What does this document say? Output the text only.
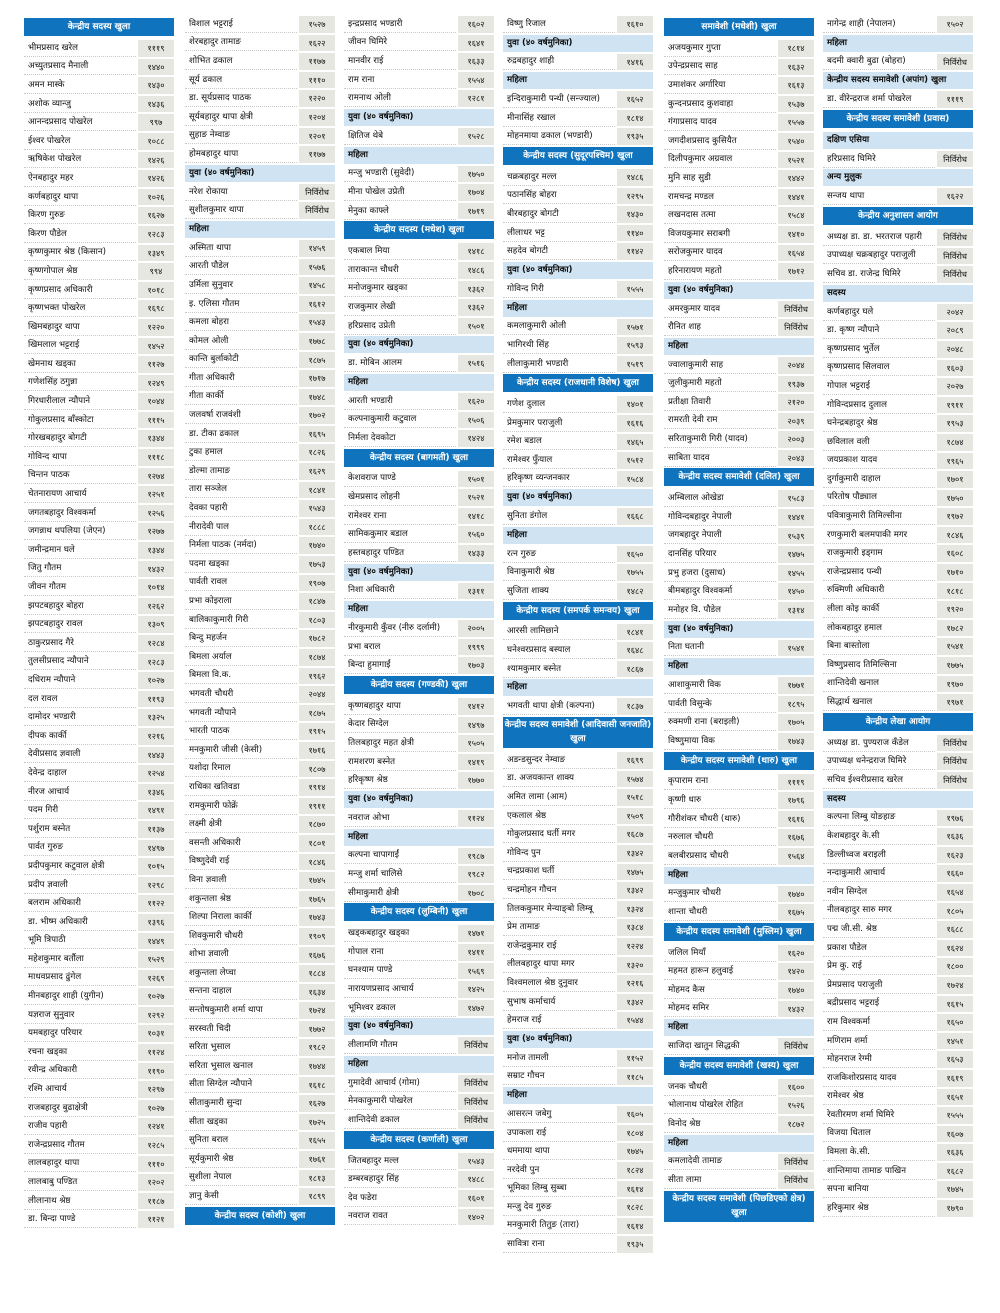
केन्द्रीय सदस्य खुला
भीमप्रसाद खरेल	१११९
अच्युतप्रसाद मैनाली	१४४०
अमन मास्के	१४३०
अशोक व्यान्जु	१४३६
आनन्दप्रसाद पोखरेल	९९७
ईश्वर पोखरेल	१०८८
ऋषिकेश पोखरेल	१४२६
ऐनबहादुर महर	१४२६
कर्णबहादुर थापा	१०२६
किरण गुरुङ	१६२७
किरण पौडेल	१२८३
कृष्णकुमार श्रेष्ठ (किसान)	१३४९
कृष्णगोपाल श्रेष्ठ	९९४
कृष्णप्रसाद अधिकारी	१०१८
कृष्णभक्त पोखरेल	१६९८
खिमबहादुर थापा	१२२०
खिमलाल भट्टराई	१४५२
खेमनाथ खड्का	११२७
गणेशसिंह ठगुन्ना	१२४९
गिरधारीलाल न्यौपाने	१०४४
गोकुलप्रसाद बाँस्कोटा	१११५
गोरखबहादुर बोगटी	१३४४
गोविन्द थापा	१११८
चिन्तन पाठक	१२७४
चेतनारायण आचार्य	१२५१
जगतबहादुर विश्वकर्मा	१२५६
जगन्नाथ थपलिया (जेएन)	१२७७
जमीन्द्रमान घले	१३४४
जितु गौतम	१४३२
जीवन गौतम	१०१४
झपटबहादुर बोहरा	१२६२
झपटबहादुर रावल	१३०९
ठाकुरप्रसाद गैरे	१२८४
तुलसीप्रसाद न्यौपाने	१२८३
दधिराम न्यौपाने	१०२७
दल रावल	११९३
दामोदर भण्डारी	१३२५
दीपक कार्की	१२१६
देवीप्रसाद ज्ञवाली	१४४३
देवेन्द्र दाहाल	१२५४
नीरज आचार्य	१३४६
पदम गिरी	१४९१
पर्शुराम बस्नेत	११३७
पार्वत गुरुङ	१४९७
प्रदीपकुमार कटुवाल क्षेत्री	१०१५
प्रदीप ज्ञवाली	१२९८
बलराम अधिकारी	११२२
डा. भीष्म अधिकारी	१३९६
भूमि त्रिपाठी	१४४९
महेशकुमार बर्तौला	१५२९
माधवप्रसाद ढुंगेल	१२६९
मीनबहादुर शाही (युगीन)	१०२७
यज्ञराज सुनुवार	१२९२
यमबहादुर परियार	१०३१
रचना खड्का	११२४
रवीन्द्र अधिकारी	११९०
रश्मि आचार्य	१२९७
राजबहादुर बुढाक्षेत्री	१०२७
राजीव पहारी	१२४१
राजेन्द्रप्रसाद गौतम	१२८५
लालबहादुर थापा	१११०
लालबाबु पण्डित	१२०२
लीलानाथ श्रेष्ठ	११८७
डा. बिन्दा पाण्डे	११२१
विशाल भट्टराई	१५२७
शेरबहादुर तामाङ	१६२२
शोभित ढकाल	११७७
सूर्य ढकाल	१११०
डा. सूर्यप्रसाद पाठक	१२२०
सूर्यबहादुर थापा क्षेत्री	१२०४
सुहाङ नेम्वाङ	१२०१
होमबहादुर थापा	११७७
युवा (४० वर्षमुनिका)
नरेश रोकाया	निर्विरोध
सुशीलकुमार थापा	निर्विरोध
महिला
अस्मिता थापा	१४५९
आरती पौडेल	१५७६
उर्मिला सुनुवार	१४५८
इ. एलिसा गौतम	१६१२
कमला बोहरा	१५४३
कोमल ओली	१७७८
कान्ति बुर्लाकोटी	१८७५
गीता अधिकारी	१७१७
गीता कार्की	१७४८
जलवर्षा राजवंशी	१७०२
डा. टीका ढकाल	१६९५
टुका हमाल	१८२६
डोल्मा तामाङ	१६२९
तारा सञ्जेल	१८४१
देवका पहारी	१५४३
नीरादेवी पाल	१८८८
निर्मला पाठक (नर्मदा)	१७४०
पदमा खड्का	१७५३
पार्वती रावल	१९०७
प्रभा कोइराला	१८४७
बालिकाकुमारी गिरी	१८०३
बिन्दु महर्जन	१७८२
बिमला अर्याल	१८७४
बिमला वि.क.	१९६२
भगवती चौधरी	२०४४
भगवती न्यौपाने	१८७५
भारती पाठक	१९१५
मनकुमारी जीसी (केसी)	१७१६
यशोदा रिमाल	१८०७
राधिका खतिवडा	१९१४
रामकुमारी फोक्रें	१९११
लक्ष्मी क्षेत्री	१८७०
वसन्ती अधिकारी	१८०१
विष्णुदेवी राई	१८४६
विना ज्ञवाली	१७४५
शकुन्तला श्रेष्ठ	१७६५
शिल्पा निराला कार्की	१७४३
शिवकुमारी चौधरी	१९०९
शोभा ज्ञवाली	१६७६
शकुन्तला लेप्चा	१८८४
सन्तना दाहाल	१६३४
सन्तोषकुमारी शर्मा थापा	१७२४
सरस्वती चिदी	१७७२
सरिता भुसाल	१९८२
सरिता भुसाल खनाल	१७४४
सीता सिग्देल न्यौपाने	१६१८
सीताकुमारी सुन्दा	१६२७
सीता खड्का	१७२५
सुनिता बराल	१६५५
सूर्यकुमारी श्रेष्ठ	१७६१
सुशीला नेपाल	१८१३
ज्ञानु केसी	१८९९
केन्द्रीय सदस्य (कोशी) खुला
इन्द्रप्रसाद भण्डारी	१६०२
जीवन घिमिरे	१६४१
मानवीर राई	१६३३
राम राना	१५५४
रामनाथ ओली	१२८१
युवा (४० वर्षमुनिका)
क्षितिज थेबे	१५२८
महिला
मन्जु भण्डारी (सुवेदी)	१७५०
मीना पोखेल उप्रेती	१७०४
मेनुका काफ्ले	१७१९
केन्द्रीय सदस्य (मधेश) खुला
एकबाल मिया	१४१८
ताराकान्त चौधरी	१४८६
मनोजकुमार खड्का	१३६२
राजकुमार लेखी	१३६२
हरिप्रसाद उप्रेती	१५०१
युवा (४० वर्षमुनिका)
डा. मोबिन आलम	१५१६
महिला
आरती भण्डारी	१६२०
कल्पनाकुमारी कटुवाल	१५०६
निर्मला देवकोटा	१४२४
केन्द्रीय सदस्य (बागमती) खुला
केशवराज पाण्डे	१५०१
खेमप्रसाद लोहनी	१५२१
रामेश्वर राना	१४१८
सामिककुमार बडाल	१५६०
हस्तबहादुर पण्डित	१४३३
युवा (४० वर्षमुनिका)
निशा अधिकारी	१३११
महिला
नीरकुमारी कुँवर (नीरु दर्लामी)	२००५
प्रभा बराल	१९९९
बिन्दा हुमागाईं	१७०३
केन्द्रीय सदस्य (गण्डकी) खुला
कृष्णबहादुर थापा	१४१२
केदार सिग्देल	१४९७
तिलबहादुर महत क्षेत्री	१५०५
रामशरण बस्नेत	१४१९
हरिकृष्ण श्रेष्ठ	१७७०
युवा (४० वर्षमुनिका)
नवराज ओभा	११२४
महिला
कल्पना चापागाईं	१९८७
मन्जु शर्मा चालिसे	१९८२
सीमाकुमारी क्षेत्री	१७०८
केन्द्रीय सदस्य (लुम्बिनी) खुला
खड्कबहादुर खड्का	१४७१
गोपाल राना	१४११
घनश्याम पाण्डे	१५६९
नारायणप्रसाद आचार्य	१४२५
भूमिश्वर ढकाल	१४७२
युवा (४० वर्षमुनिका)
लीलामणि गौतम	निर्विरोध
महिला
गुमादेवी आचार्य (गोमा)	निर्विरोध
मेनकाकुमारी पोखरेल	निर्विरोध
शान्तिदेवी ढकाल	निर्विरोध
केन्द्रीय सदस्य (कर्णाली) खुला
जितबहादुर मल्ल	१५४३
डम्बरबहादुर सिंह	१४८८
देव फडेरा	१६०१
नवराज रावत	१४०२
विष्णु रिजाल	१६१०
युवा (४० वर्षमुनिका)
रुद्रबहादुर शाही	१४१६
महिला
इन्दिराकुमारी पन्थी (सन्ज्याल)	१६५२
मीनासिंह रखाल	१८१४
मोहनमाया ढकाल (भण्डारी)	१९३५
केन्द्रीय सदस्य (सुदूरपश्चिम) खुला
चक्रबहादुर मल्ल	१४८६
पठानसिंह बोहरा	१२९५
बीरबहादुर बोगटी	१४३०
लीलाधर भट्ट	११४०
सहदेव बोगटी	११४२
युवा (४० वर्षमुनिका)
गोविन्द गिरी	१५५५
महिला
कमलाकुमारी ओली	१५७१
भागिरथी सिंह	१५९३
लीलाकुमारी भण्डारी	१५१९
केन्द्रीय सदस्य (राजधानी विशेष) खुला
गणेश दुलाल	१४०१
प्रेमकुमार पराजुली	१६१६
रमेश बडाल	१४६५
रामेश्वर फुँयाल	१५१२
हरिकृष्ण व्यन्जनकार	१५८४
युवा (४० वर्षमुनिका)
सुनिता डंगोल	१६६८
महिला
रत्न गुरुङ	१६५०
विनाकुमारी श्रेष्ठ	१७५५
सुजिता शाक्य	१४८२
केन्द्रीय सदस्य (समपर्क समन्वय) खुला
आरसी लामिछाने	१८४१
घनेश्वरप्रसाद बस्याल	१६४८
श्यामकुमार बस्नेत	१८६७
महिला
भगवती थापा क्षेत्री (कल्पना)	१८३७
केन्द्रीय सदस्य समावेशी (आदिवासी जनजाति) खुला
अडन्डसुन्दर नेम्वाङ	१६९९
डा. अजयकान्त शाक्य	१५७४
अमित लामा (आम)	१५१८
एकलाल श्रेष्ठ	१५०९
गोकुलप्रसाद घर्ती मगर	१६८७
गोविन्द पुन	१३४२
चन्द्रप्रकाश घर्ती	१४७५
चन्द्रमोहन गौचन	१३४२
तिलककुमार मेन्याङ्बो लिम्बू	१३२४
प्रेम तामाङ	१३८४
राजेन्द्रकुमार राई	१२२४
लीलबहादुर थापा मगर	१३२०
विश्वमलाल श्रेष्ठ दुनुवार	१२१६
सुभाष कर्माचार्य	१३४२
हेमराज राई	१५४४
युवा (४० वर्षमुनिका)
मनोज तामली	११५२
सम्राट गौचन	११८५
महिला
आसरत्न जबेगु	१६०५
उपाकला राई	१८०४
धममाया थापा	१७४५
नरदेवी पुन	१८२४
भूमिका लिम्बु सुब्बा	१६१४
मन्जु देव गुरुङ	१८२८
मनकुमारी तितुङ (तारा)	१६१४
सावित्रा राना	१९३५
समावेशी (मधेशी) खुला
अजयकुमार गुप्ता	१८१४
उपेन्द्रप्रसाद साह	१६३२
उमाशंकर अर्गारिया	१६१३
कुन्दनप्रसाद कुशवाहा	१५३७
गंगाप्रसाद यादव	१५५७
जगदीशप्रसाद कुसियैत	१५४०
दिलीपकुमार अग्रवाल	१५२१
मुनि साह सुडी	१४४२
रामचन्द्र मण्डल	१४४१
लखनदास तत्मा	१५८४
विजयकुमार सराबगी	१४१०
सरोजकुमार यादव	१६५४
हरिनारायण महतो	१७१२
युवा (४० वर्षमुनिका)
अमरकुमार यादव	निर्विरोध
रौनित शाह	निर्विरोध
महिला
ज्वालाकुमारी साह	२०४४
जुलीकुमारी महतो	१९३७
प्रतीक्षा तिवारी	२१२०
रामरती देवी राम	२०३९
सरिताकुमारी गिरी (यादव)	२००३
साबिता यादव	२०४३
केन्द्रीय सदस्य समावेशी (दलित) खुला
अम्बिलाल ओखेडा	१५८३
गोविन्दबहादुर नेपाली	१४४१
जगबहादुर नेपाली	१५३९
दानसिंह परियार	१४७५
प्रभु हजरा (दुसाध)	१४५५
बीमबहादुर विश्वकर्मा	१४५०
मनोहर वि. पौडेल	१३१४
युवा (४० वर्षमुनिका)
निता घतानी	१५४१
महिला
आशाकुमारी विक	१७७१
पार्वती विसुन्के	१८९५
रुक्मणी राना (बराइली)	१७०५
विष्णुमाया विक	१७४३
केन्द्रीय सदस्य समावेशी (थारु) खुला
कृपाराम राना	१११९
कृष्णी धारु	१७९६
गौरीशंकर चौधरी (थारु)	१६१६
नरुलाल चौधरी	१६७६
बलबीरप्रसाद चौधरी	१५६४
महिला
मन्जुकुमार चौधरी	१७४०
शान्ता चौधरी	१६७५
केन्द्रीय सदस्य समावेशी (मुस्लिम) खुला
जलिल मियाँ	१६२०
महमत हारून हलुवाई	१४२०
मोहमद कैस	१७४०
मोहमद समिर	१४३२
महिला
साजिदा खातुन सिद्धकी	निर्विरोध
केन्द्रीय सदस्य समावेशी (खस्य) खुला
जनक चौधरी	१६००
भोलानाथ पोखरेल रोहित	१५२६
विनोद श्रेष्ठ	१८७२
महिला
कमलादेवी तामाङ	निर्विरोध
सीता लामा	निर्विरोध
केन्द्रीय सदस्य समावेशी (पिछडिएको क्षेत्र) खुला
नागेन्द्र शाही (नेपालन)	१५०२
महिला
बदमी क्वारी बुढा (बोहरा)	निर्विरोध
केन्द्रीय सदस्य समावेशी (अपांग) खुला
डा. वीरेन्द्रराज शर्मा पोखरेल	१११९
केन्द्रीय सदस्य समावेशी (प्रवास)
दक्षिण एसिया
हरिप्रसाद घिमिरे	निर्विरोध
अन्य मुलुक
सन्जय थापा	१६२२
केन्द्रीय अनुशासन आयोग
अध्यक्ष डा. डा. भरतराज पहारी	निर्विरोध
उपाध्यक्ष चक्रबहादुर पराजुली	निर्विरोध
सचिव डा. राजेन्द्र घिमिरे	निर्विरोध
सदस्य
कर्णबहादुर घले	२०४२
डा. कृष्ण न्यौपाने	२०८९
कृष्णप्रसाद भुर्तेल	२०४८
कृष्णप्रसाद सिलवाल	१६०३
गोपाल भट्टराई	२०२७
गोविन्दप्रसाद दुलाल	१९११
घनेन्द्रबहादुर श्रेष्ठ	१९५३
छविलाल वली	१८७४
जयप्रकाश यादव	१९६५
दुर्गाकुमारी दाहाल	१७०१
परितोष पौड्याल	१७५०
पवित्राकुमारी तिमिल्सीना	१९७२
रणकुमारी बलमपाकी मगर	१८४६
राजकुमारी इड्गाम	१६०८
राजेन्द्रप्रसाद पन्थी	१७१०
रुक्मिणी अधिकारी	१८१८
लीला कोइ कार्की	१९२०
लोकबहादुर हमाल	१७८२
बिना बास्तोला	१५४१
विष्णुप्रसाद तिमिल्सिना	१७७५
शान्तिदेवी खनाल	१९७०
सिद्धार्थ खनाल	१९७१
केन्द्रीय लेखा आयोग
अध्यक्ष डा. पुण्यराज कँडेल	निर्विरोध
उपाध्यक्ष धनेन्द्रराज घिमिरे	निर्विरोध
सचिव ईश्वरीप्रसाद खरेल	निर्विरोध
सदस्य
कल्पना लिम्बु योङहाङ	१९७६
केशबहादुर के.सी	१६३६
डिल्लीध्वज बराइली	१६२३
नन्दाकुमारी आचार्य	१६६०
नवीन सिग्देल	१६५४
नीलबहादुर सारु मगर	१८०५
पद्म जी.सी. श्रेष्ठ	१६८८
प्रकाश पौडेल	१६२४
प्रेम कु. राई	१८००
प्रेमप्रसाद पराजुली	१७२४
बद्रीप्रसाद भट्टराई	१६१५
राम विश्वकर्मा	१६५०
मणिराम शर्मा	१४५१
मोहनराज रेग्मी	१६५३
राजकिशोरप्रसाद यादव	१६१९
रामेश्वर श्रेष्ठ	१६५१
रेवतीरमण शर्मा घिमिरे	१५५५
विजया धिताल	१६०७
विमला के.सी.	१६३६
शान्तिमाया तामाङ पाखिन	१६८२
सपना बानिया	१७४५
हरिकुमार श्रेष्ठ	१७९०
